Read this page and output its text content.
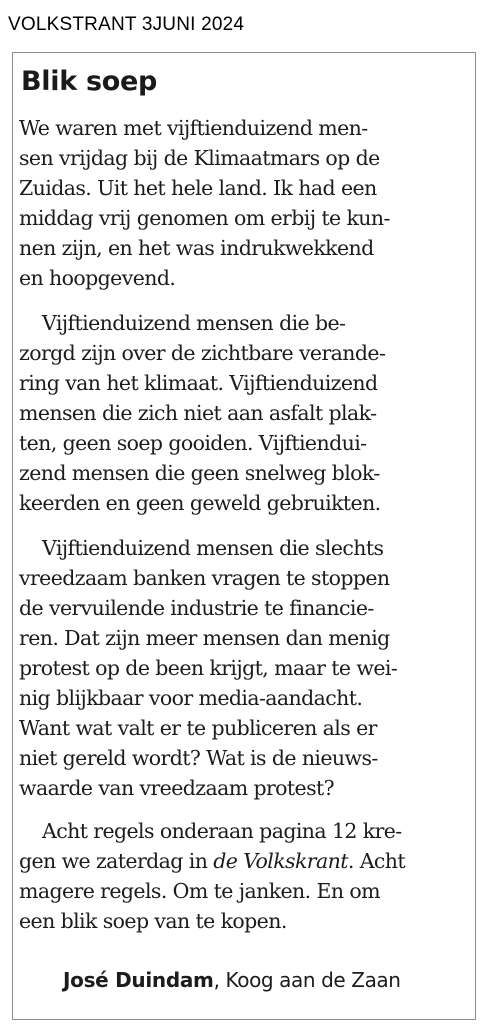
VOLKSTRANT 3JUNI 2024
Blik soep
We waren met vijftienduizend men-
sen vrijdag bij de Klimaatmars op de
Zuidas. Uit het hele land. Ik had een
middag vrij genomen om erbij te kun-
nen zijn, en het was indrukwekkend
en hoopgevend.
Vijftienduizend mensen die be-
zorgd zijn over de zichtbare verande-
ring van het klimaat. Vijftienduizend
mensen die zich niet aan asfalt plak-
ten, geen soep gooiden. Vijftiendui-
zend mensen die geen snelweg blok-
keerden en geen geweld gebruikten.
Vijftienduizend mensen die slechts
vreedzaam banken vragen te stoppen
de vervuilende industrie te financie-
ren. Dat zijn meer mensen dan menig
protest op de been krijgt, maar te wei-
nig blijkbaar voor media-aandacht.
Want wat valt er te publiceren als er
niet gereld wordt? Wat is de nieuws-
waarde van vreedzaam protest?
Acht regels onderaan pagina 12 kre-
gen we zaterdag in de Volkskrant. Acht
magere regels. Om te janken. En om
een blik soep van te kopen.
José Duindam, Koog aan de Zaan
